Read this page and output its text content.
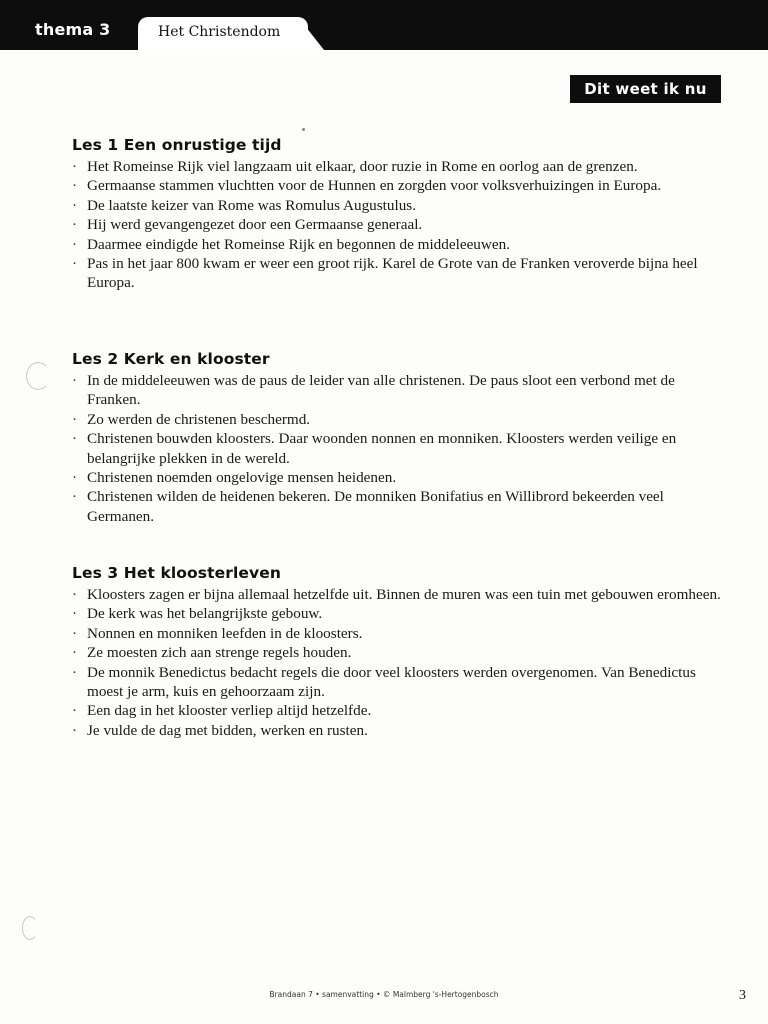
thema 3	Het Christendom
Dit weet ik nu
Les 1 Een onrustige tijd
· Het Romeinse Rijk viel langzaam uit elkaar, door ruzie in Rome en oorlog aan de grenzen.
· Germaanse stammen vluchtten voor de Hunnen en zorgden voor volksverhuizingen in Europa.
· De laatste keizer van Rome was Romulus Augustulus.
· Hij werd gevangengezet door een Germaanse generaal.
· Daarmee eindigde het Romeinse Rijk en begonnen de middeleeuwen.
· Pas in het jaar 800 kwam er weer een groot rijk. Karel de Grote van de Franken veroverde bijna heel Europa.
Les 2 Kerk en klooster
· In de middeleeuwen was de paus de leider van alle christenen. De paus sloot een verbond met de Franken.
· Zo werden de christenen beschermd.
· Christenen bouwden kloosters. Daar woonden nonnen en monniken. Kloosters werden veilige en belangrijke plekken in de wereld.
· Christenen noemden ongelovige mensen heidenen.
· Christenen wilden de heidenen bekeren. De monniken Bonifatius en Willibrord bekeerden veel Germanen.
Les 3 Het kloosterleven
· Kloosters zagen er bijna allemaal hetzelfde uit. Binnen de muren was een tuin met gebouwen eromheen.
· De kerk was het belangrijkste gebouw.
· Nonnen en monniken leefden in de kloosters.
· Ze moesten zich aan strenge regels houden.
· De monnik Benedictus bedacht regels die door veel kloosters werden overgenomen. Van Benedictus moest je arm, kuis en gehoorzaam zijn.
· Een dag in het klooster verliep altijd hetzelfde.
· Je vulde de dag met bidden, werken en rusten.
Brandaan 7 • samenvatting • © Malmberg 's-Hertogenbosch	3
